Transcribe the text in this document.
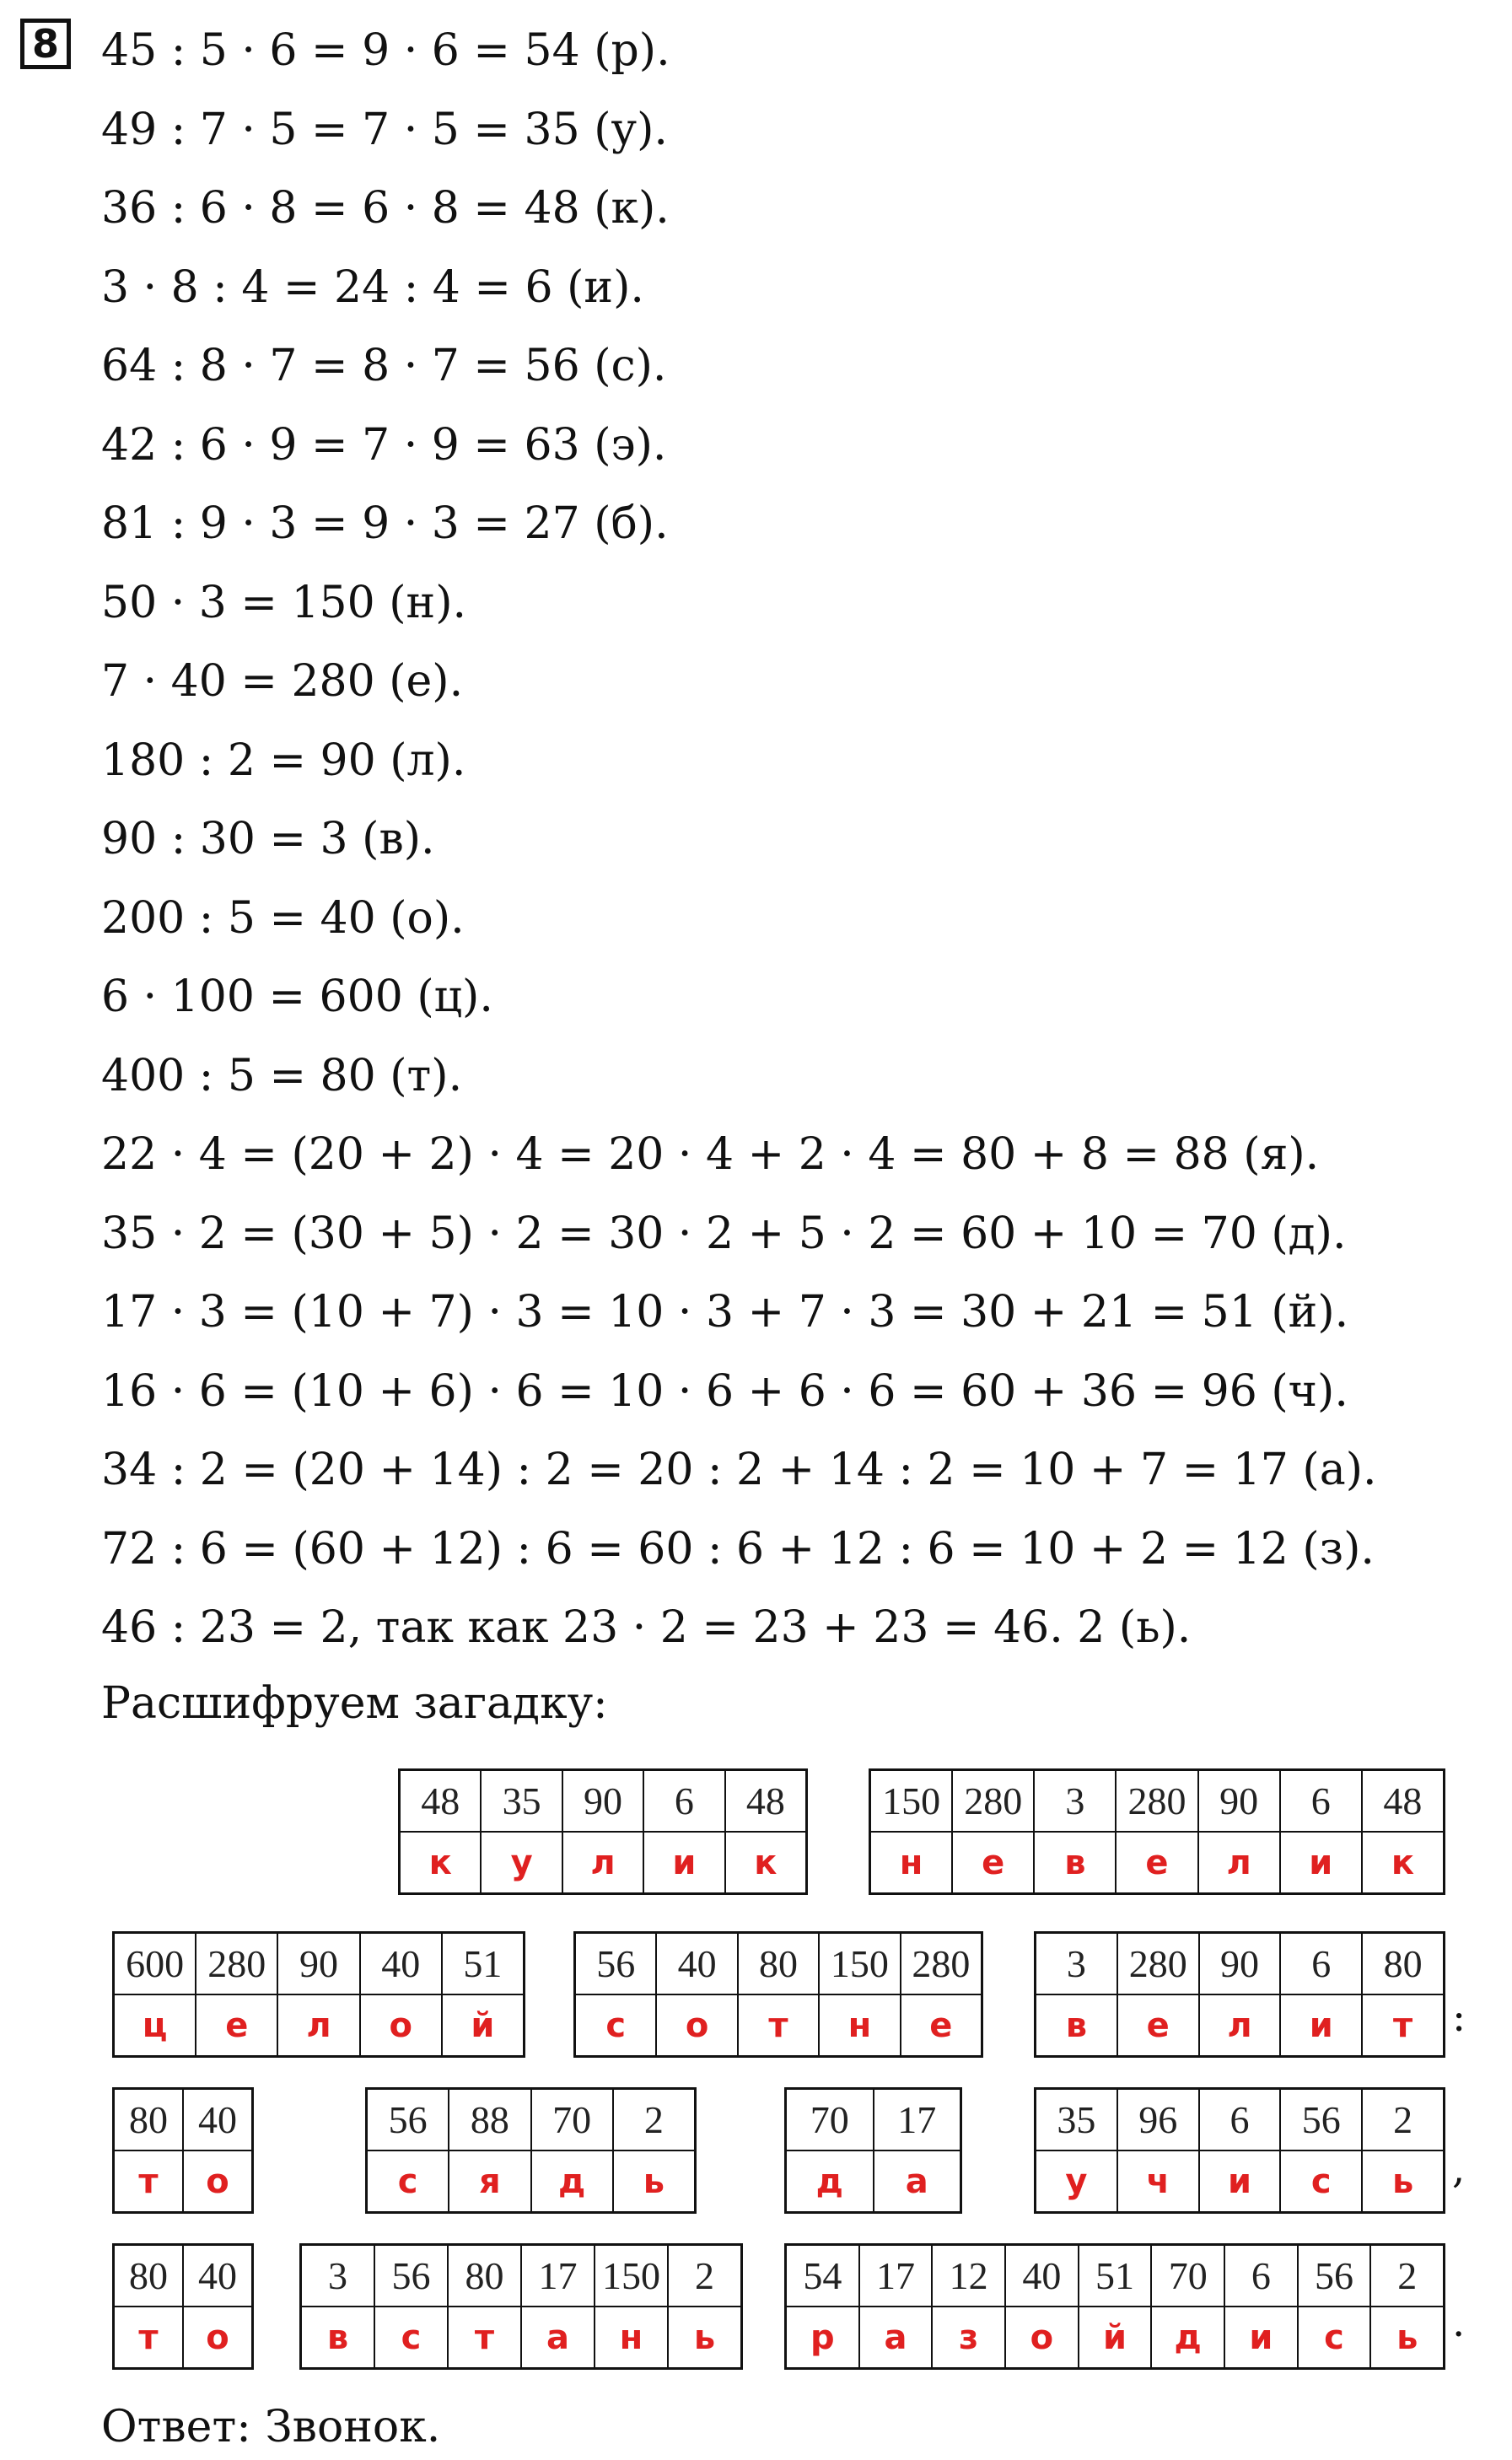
8 45 : 5 · 6 = 9 · 6 = 54 (р).
49 : 7 · 5 = 7 · 5 = 35 (у).
36 : 6 · 8 = 6 · 8 = 48 (к).
3 · 8 : 4 = 24 : 4 = 6 (и).
64 : 8 · 7 = 8 · 7 = 56 (с).
42 : 6 · 9 = 7 · 9 = 63 (э).
81 : 9 · 3 = 9 · 3 = 27 (б).
50 · 3 = 150 (н).
7 · 40 = 280 (е).
180 : 2 = 90 (л).
90 : 30 = 3 (в).
200 : 5 = 40 (о).
6 · 100 = 600 (ц).
400 : 5 = 80 (т).
22 · 4 = (20 + 2) · 4 = 20 · 4 + 2 · 4 = 80 + 8 = 88 (я).
35 · 2 = (30 + 5) · 2 = 30 · 2 + 5 · 2 = 60 + 10 = 70 (д).
17 · 3 = (10 + 7) · 3 = 10 · 3 + 7 · 3 = 30 + 21 = 51 (й).
16 · 6 = (10 + 6) · 6 = 10 · 6 + 6 · 6 = 60 + 36 = 96 (ч).
34 : 2 = (20 + 14) : 2 = 20 : 2 + 14 : 2 = 10 + 7 = 17 (а).
72 : 6 = (60 + 12) : 6 = 60 : 6 + 12 : 6 = 10 + 2 = 12 (з).
46 : 23 = 2, так как 23 · 2 = 23 + 23 = 46. 2 (ь).
Расшифруем загадку:
48
к
35
у
90
л
6
и
48
к
150
н
280
е
3
в
280
е
90
л
6
и
48
к
600
ц
280
е
90
л
40
о
51
й
56
с
40
о
80
т
150
н
280
е
3
в
280
е
90
л
6
и
80
т
80
т
40
о
56
с
88
я
70
д
2
ь
70
д
17
а
35
у
96
ч
6
и
56
с
2
ь
80
т
40
о
3
в
56
с
80
т
17
а
150
н
2
ь
54
р
17
а
12
з
40
о
51
й
70
д
6
и
56
с
2
ь
:
,
.
Ответ: Звонок.
